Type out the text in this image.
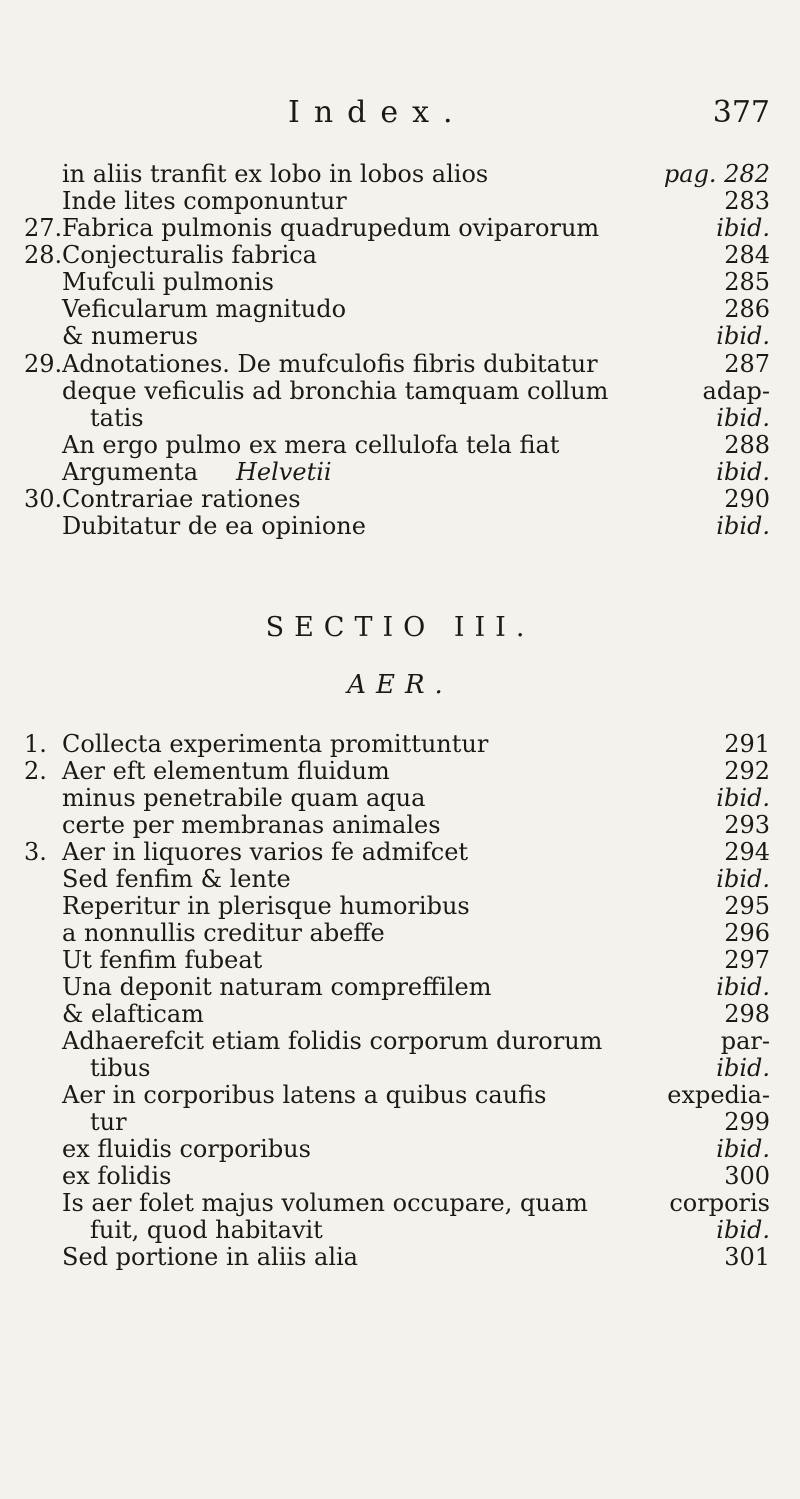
Index.	377
in aliis tranfit ex lobo in lobos alios	pag. 282
Inde lites componuntur	283
27. Fabrica pulmonis quadrupedum oviparorum	ibid.
28. Conjecturalis fabrica	284
Mufculi pulmonis	285
Veficularum magnitudo	286
& numerus	ibid.
29. Adnotationes. De mufculofis fibris dubitatur	287
deque veficulis ad bronchia tamquam collum	adap-
tatis	ibid.
An ergo pulmo ex mera cellulofa tela fiat	288
Argumenta Helvetii	ibid.
30. Contrariae rationes	290
Dubitatur de ea opinione	ibid.
SECTIO III.
AER.
1. Collecta experimenta promittuntur	291
2. Aer eft elementum fluidum	292
minus penetrabile quam aqua	ibid.
certe per membranas animales	293
3. Aer in liquores varios fe admifcet	294
Sed fenfim & lente	ibid.
Reperitur in plerisque humoribus	295
a nonnullis creditur abeffe	296
Ut fenfim fubeat	297
Una deponit naturam compreffilem	ibid.
& elafticam	298
Adhaerefcit etiam folidis corporum durorum	par-
tibus	ibid.
Aer in corporibus latens a quibus caufis	expedia-
tur	299
ex fluidis corporibus	ibid.
ex folidis	300
Is aer folet majus volumen occupare, quam	corporis
fuit, quod habitavit	ibid.
Sed portione in aliis alia	301
